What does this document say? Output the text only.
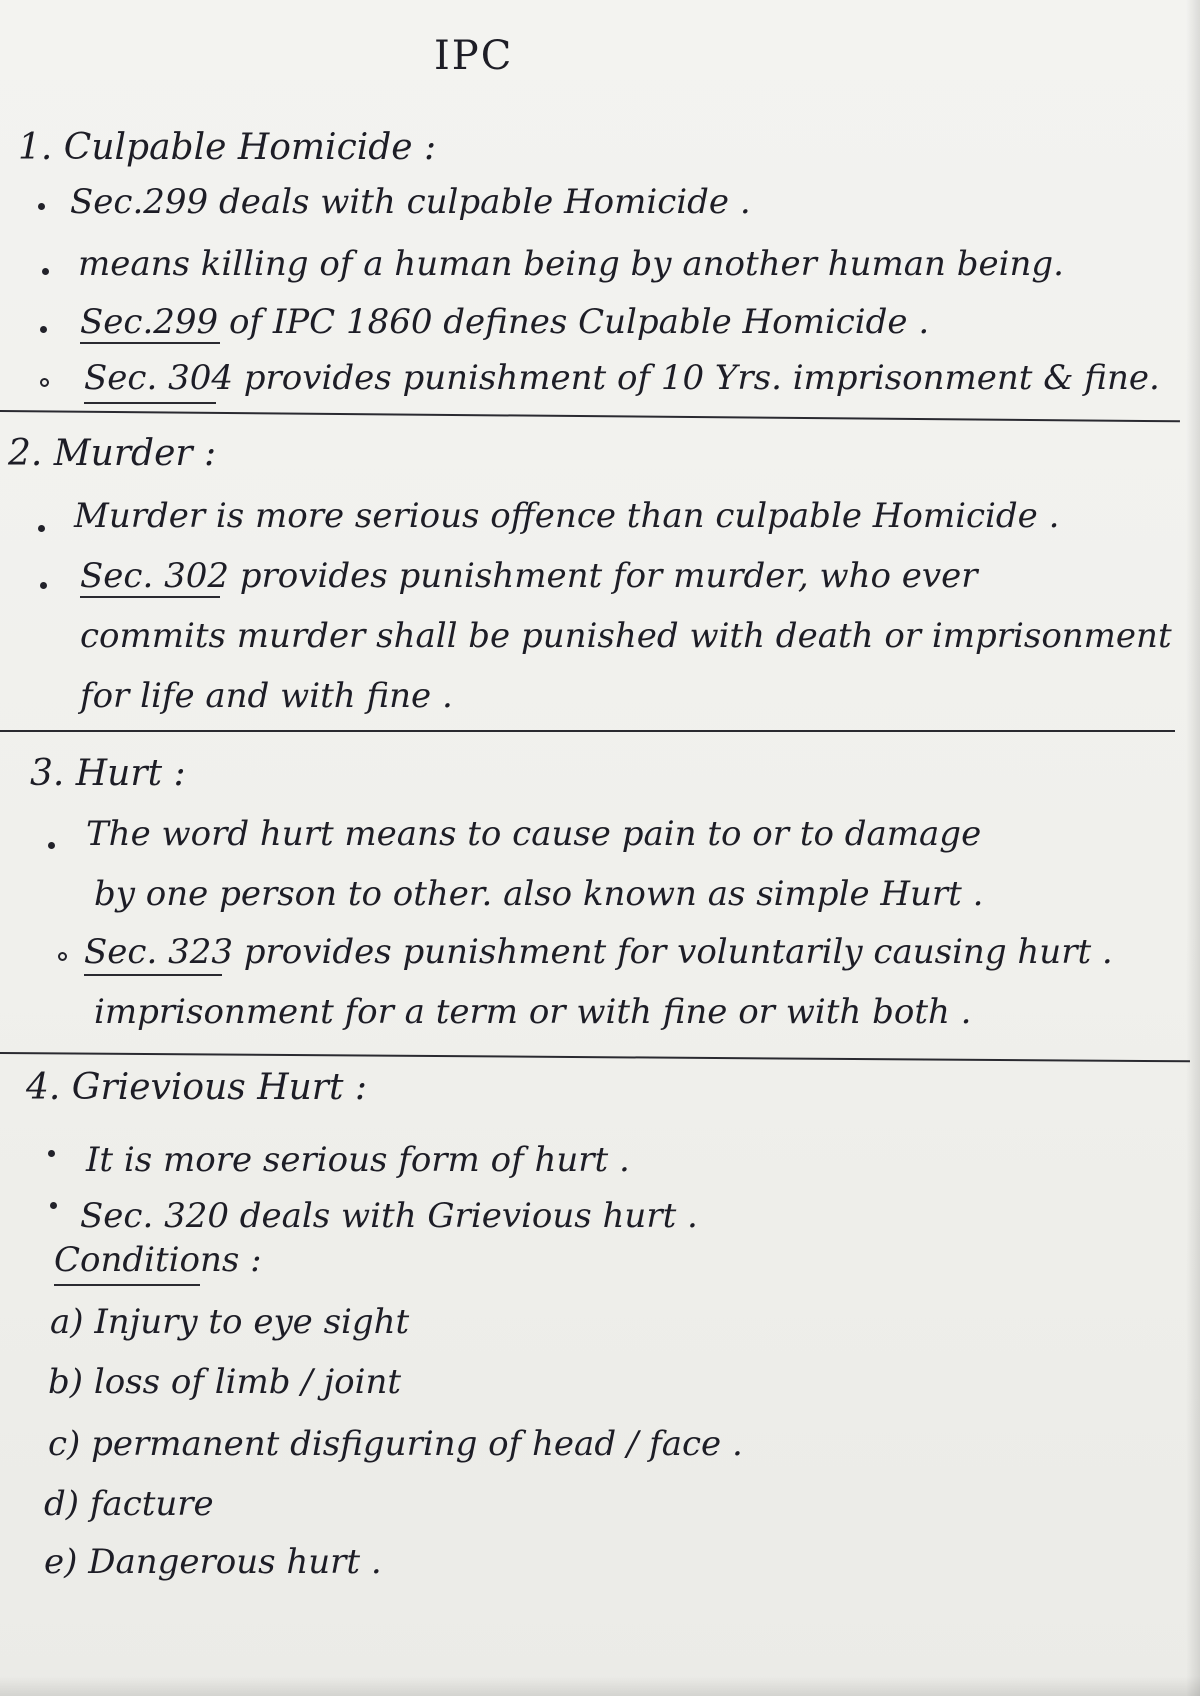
IPC
1. Culpable Homicide :
Sec.299 deals with culpable Homicide .
means killing of a human being by another human being.
Sec.299 of IPC 1860 defines Culpable Homicide .
Sec. 304 provides punishment of 10 Yrs. imprisonment & fine.
2. Murder :
Murder is more serious offence than culpable Homicide .
Sec. 302 provides punishment for murder, who ever
commits murder shall be punished with death or imprisonment
for life and with fine .
3. Hurt :
The word hurt means to cause pain to or to damage
by one person to other. also known as simple Hurt .
Sec. 323 provides punishment for voluntarily causing hurt .
imprisonment for a term or with fine or with both .
4. Grievious Hurt :
It is more serious form of hurt .
Sec. 320 deals with Grievious hurt .
Conditions :
a) Injury to eye sight
b) loss of limb / joint
c) permanent disfiguring of head / face .
d) facture
e) Dangerous hurt .
